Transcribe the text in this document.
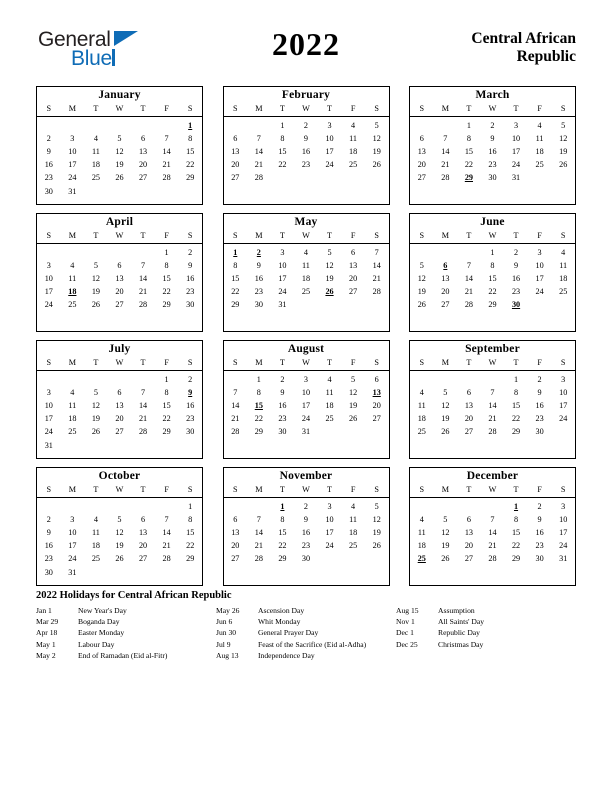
General
Blue	2022	Central African
Republic
January
S	M	T	W	T	F	S
						1
2	3	4	5	6	7	8
9	10	11	12	13	14	15
16	17	18	19	20	21	22
23	24	25	26	27	28	29
30	31					
February
S	M	T	W	T	F	S
		1	2	3	4	5
6	7	8	9	10	11	12
13	14	15	16	17	18	19
20	21	22	23	24	25	26
27	28					
March
S	M	T	W	T	F	S
		1	2	3	4	5
6	7	8	9	10	11	12
13	14	15	16	17	18	19
20	21	22	23	24	25	26
27	28	29	30	31		
April
S	M	T	W	T	F	S
					1	2
3	4	5	6	7	8	9
10	11	12	13	14	15	16
17	18	19	20	21	22	23
24	25	26	27	28	29	30
May
S	M	T	W	T	F	S
1	2	3	4	5	6	7
8	9	10	11	12	13	14
15	16	17	18	19	20	21
22	23	24	25	26	27	28
29	30	31				
June
S	M	T	W	T	F	S
			1	2	3	4
5	6	7	8	9	10	11
12	13	14	15	16	17	18
19	20	21	22	23	24	25
26	27	28	29	30		
July
S	M	T	W	T	F	S
					1	2
3	4	5	6	7	8	9
10	11	12	13	14	15	16
17	18	19	20	21	22	23
24	25	26	27	28	29	30
31						
August
S	M	T	W	T	F	S
	1	2	3	4	5	6
7	8	9	10	11	12	13
14	15	16	17	18	19	20
21	22	23	24	25	26	27
28	29	30	31			
September
S	M	T	W	T	F	S
				1	2	3
4	5	6	7	8	9	10
11	12	13	14	15	16	17
18	19	20	21	22	23	24
25	26	27	28	29	30	
October
S	M	T	W	T	F	S
						1
2	3	4	5	6	7	8
9	10	11	12	13	14	15
16	17	18	19	20	21	22
23	24	25	26	27	28	29
30	31					
November
S	M	T	W	T	F	S
		1	2	3	4	5
6	7	8	9	10	11	12
13	14	15	16	17	18	19
20	21	22	23	24	25	26
27	28	29	30			
December
S	M	T	W	T	F	S
				1	2	3
4	5	6	7	8	9	10
11	12	13	14	15	16	17
18	19	20	21	22	23	24
25	26	27	28	29	30	31
2022 Holidays for Central African Republic
Jan 1	New Year's Day
Mar 29	Boganda Day
Apr 18	Easter Monday
May 1	Labour Day
May 2	End of Ramadan (Eid al-Fitr)
May 26	Ascension Day
Jun 6	Whit Monday
Jun 30	General Prayer Day
Jul 9	Feast of the Sacrifice (Eid al-Adha)
Aug 13	Independence Day
Aug 15	Assumption
Nov 1	All Saints' Day
Dec 1	Republic Day
Dec 25	Christmas Day
